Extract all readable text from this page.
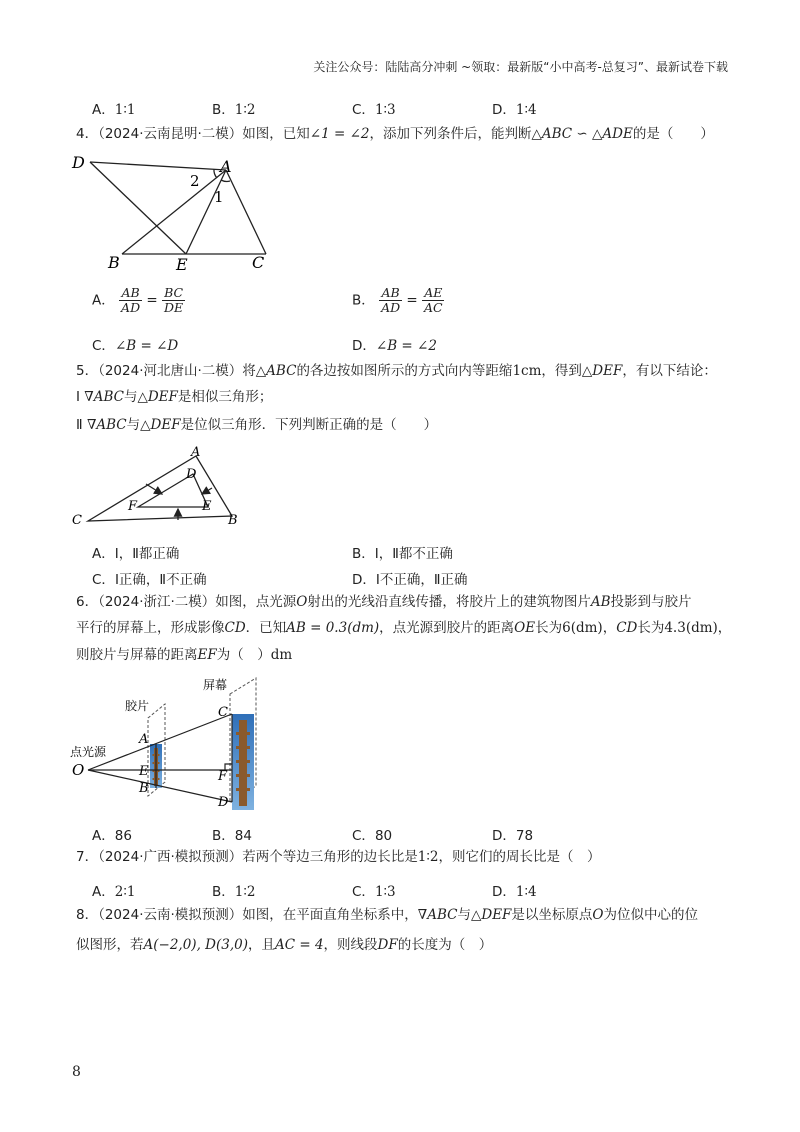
关注公众号：陆陆高分冲刺 ~领取：最新版“小中高考-总复习”、最新试卷下载
A．1∶1	B．1∶2	C．1∶3	D．1∶4
4．（2024·云南昆明·二模）如图，已知∠1 = ∠2，添加下列条件后，能判断△ABC ∽ △ADE的是（　　）
D	A
2
1
B	E	C
A． $\frac{AB}{AD} = \frac{BC}{DE}$	B． $\frac{AB}{AD} = \frac{AE}{AC}$
C．∠B = ∠D	D．∠B = ∠2
5．（2024·河北唐山·二模）将△ABC的各边按如图所示的方式向内等距缩1cm，得到△DEF，有以下结论：
Ⅰ ∇ABC与△DEF是相似三角形；
Ⅱ ∇ABC与△DEF是位似三角形．下列判断正确的是（　　）
A
D
F	E
C	B
A．Ⅰ，Ⅱ都正确	B．Ⅰ，Ⅱ都不正确
C．Ⅰ正确，Ⅱ不正确	D．Ⅰ不正确，Ⅱ正确
6．（2024·浙江·二模）如图，点光源O射出的光线沿直线传播，将胶片上的建筑物图片AB投影到与胶片
平行的屏幕上，形成影像CD．已知AB = 0.3(dm)，点光源到胶片的距离OE长为6(dm)，CD长为4.3(dm)，
则胶片与屏幕的距离EF为（　）dm
胶片
屏幕
点光源
O
A
E
B
C
F
D
A．86	B．84	C．80	D．78
7．（2024·广西·模拟预测）若两个等边三角形的边长比是1∶2，则它们的周长比是（　）
A．2∶1	B．1∶2	C．1∶3	D．1∶4
8．（2024·云南·模拟预测）如图，在平面直角坐标系中，∇ABC与△DEF是以坐标原点O为位似中心的位
似图形，若A(−2,0), D(3,0)，且AC = 4，则线段DF的长度为（　）
8
